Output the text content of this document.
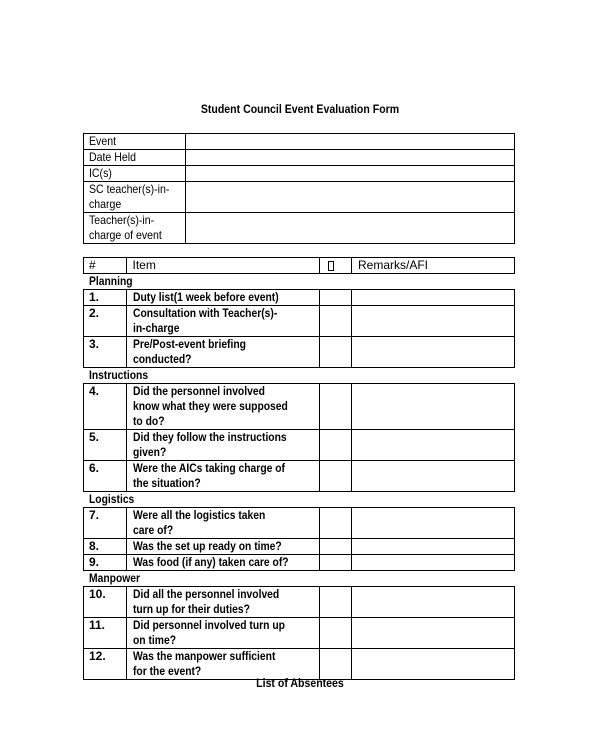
Student Council Event Evaluation Form
Event	
Date Held	
IC(s)	
SC teacher(s)-in-
charge	
Teacher(s)-in-
charge of event	
#	Item		Remarks/AFI
Planning			
1.	Duty list(1 week before event)		
2.	Consultation with Teacher(s)-
in-charge		
3.	Pre/Post-event briefing
conducted?		
Instructions			
4.	Did the personnel involved
know what they were supposed
to do?		
5.	Did they follow the instructions
given?		
6.	Were the AICs taking charge of
the situation?		
Logistics			
7.	Were all the logistics taken
care of?		
8.	Was the set up ready on time?		
9.	Was food (if any) taken care of?		
Manpower			
10.	Did all the personnel involved
turn up for their duties?		
11.	Did personnel involved turn up
on time?		
12.	Was the manpower sufficient
for the event?		
List of Absentees
